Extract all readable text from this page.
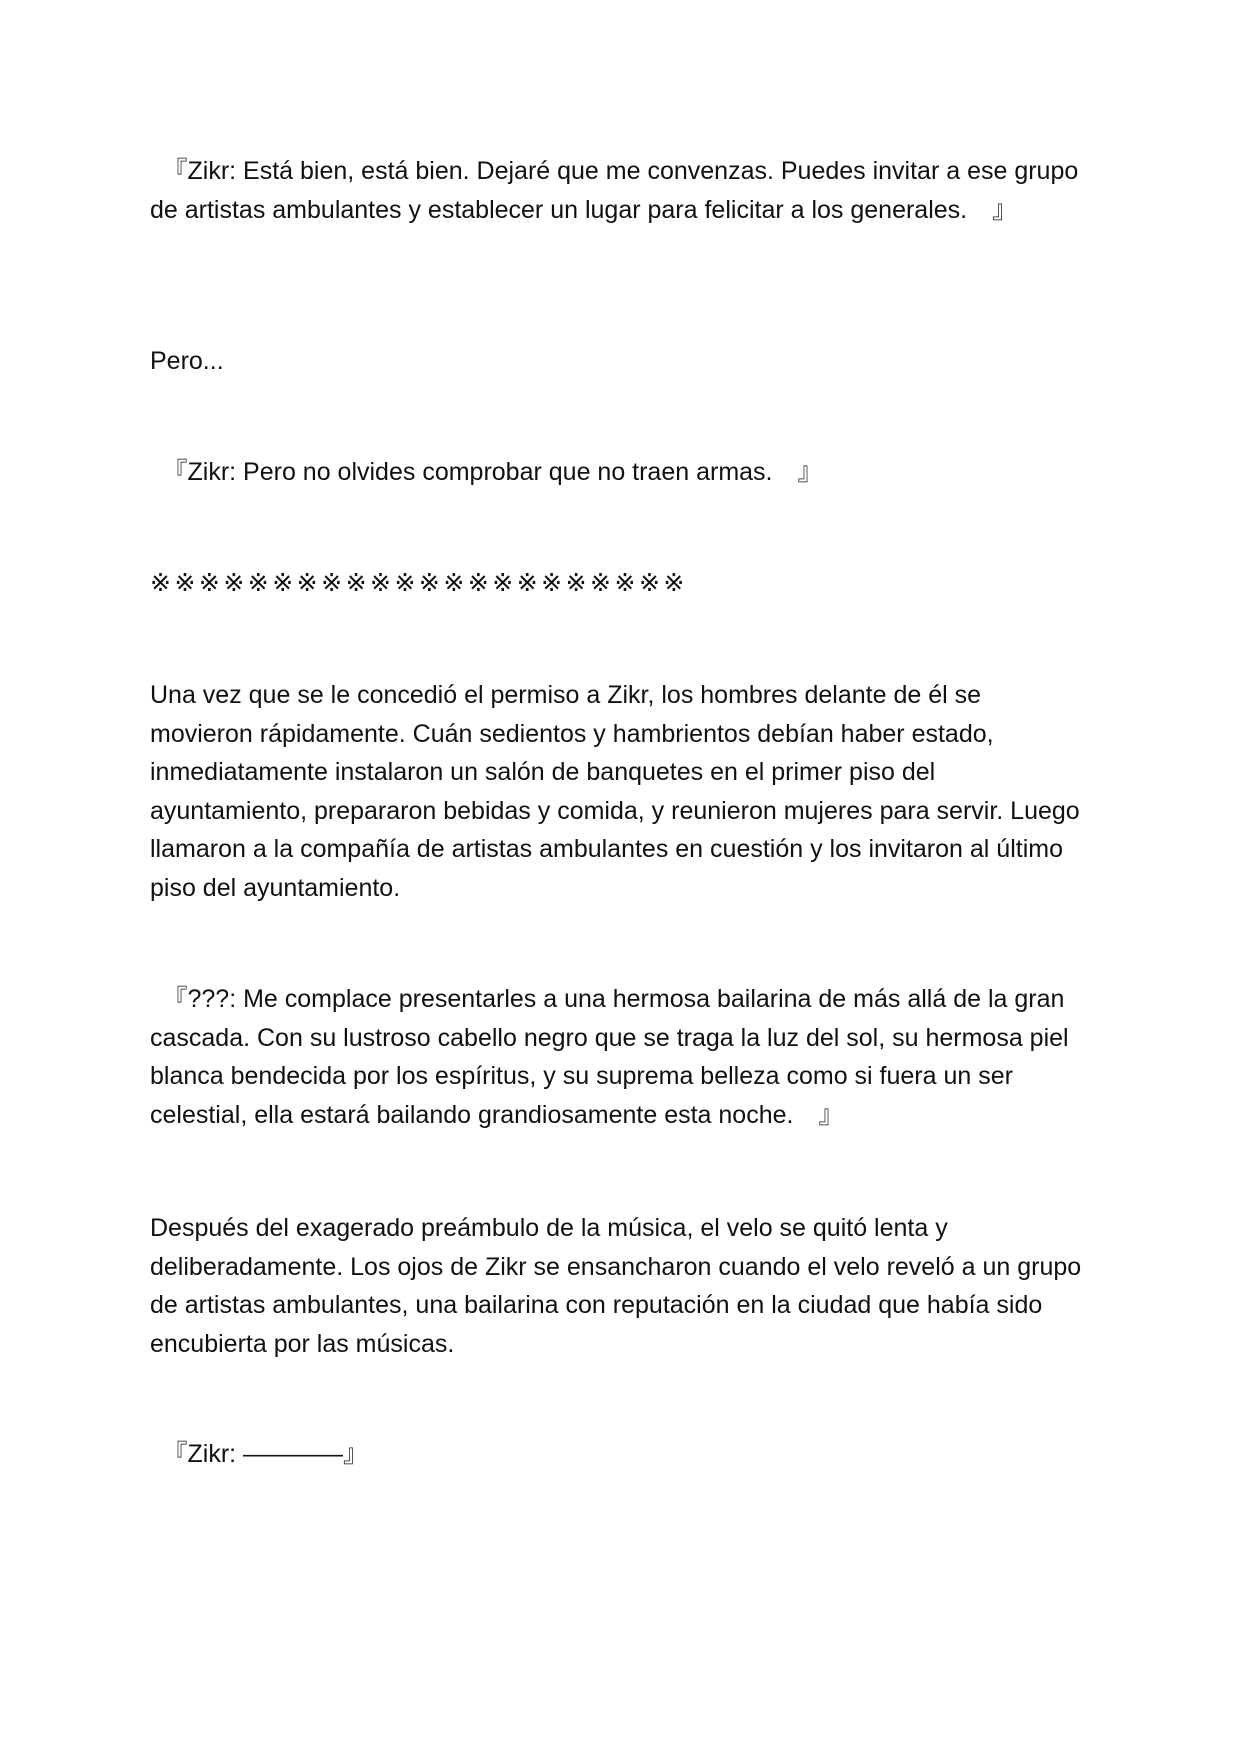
　『Zikr: Está bien, está bien. Dejaré que me convenzas. Puedes invitar a ese grupo de artistas ambulantes y establecer un lugar para felicitar a los generales.　』

Pero...

　『Zikr: Pero no olvides comprobar que no traen armas.　』

※※※※※※※※※※※※※※※※※※※※※※

Una vez que se le concedió el permiso a Zikr, los hombres delante de él se movieron rápidamente. Cuán sedientos y hambrientos debían haber estado, inmediatamente instalaron un salón de banquetes en el primer piso del ayuntamiento, prepararon bebidas y comida, y reunieron mujeres para servir. Luego llamaron a la compañía de artistas ambulantes en cuestión y los invitaron al último piso del ayuntamiento.

　『???: Me complace presentarles a una hermosa bailarina de más allá de la gran cascada. Con su lustroso cabello negro que se traga la luz del sol, su hermosa piel blanca bendecida por los espíritus, y su suprema belleza como si fuera un ser celestial, ella estará bailando grandiosamente esta noche.　』

Después del exagerado preámbulo de la música, el velo se quitó lenta y deliberadamente. Los ojos de Zikr se ensancharon cuando el velo reveló a un grupo de artistas ambulantes, una bailarina con reputación en la ciudad que había sido encubierta por las músicas.

　『Zikr: ————』
